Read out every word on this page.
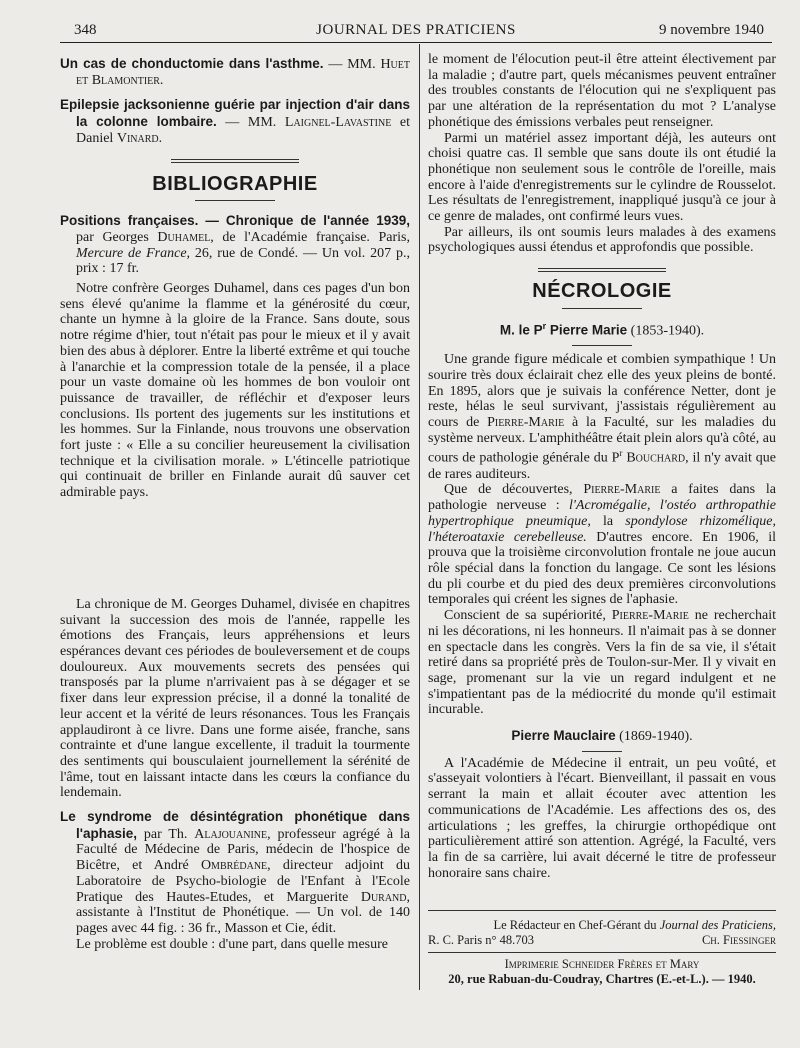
348	JOURNAL DES PRATICIENS	9 novembre 1940

Un cas de chonductomie dans l'asthme. — MM. Huet et Blamontier.

Epilepsie jacksonienne guérie par injection d'air dans la colonne lombaire. — MM. Laignel-Lavastine et Daniel Vinard.

BIBLIOGRAPHIE

Positions françaises. — Chronique de l'année 1939, par Georges Duhamel, de l'Académie française. Paris, Mercure de France, 26, rue de Condé. — Un vol. 207 p., prix : 17 fr.

Notre confrère Georges Duhamel, dans ces pages d'un bon sens élevé qu'anime la flamme et la générosité du cœur, chante un hymne à la gloire de la France. Sans doute, sous notre régime d'hier, tout n'était pas pour le mieux et il y avait bien des abus à déplorer. Entre la liberté extrême et qui touche à l'anarchie et la compression totale de la pensée, il a place pour un vaste domaine où les hommes de bon vouloir ont puissance de travailler, de réfléchir et d'exposer leurs conclusions. Ils portent des jugements sur les institutions et les hommes. Sur la Finlande, nous trouvons une observation fort juste : « Elle a su concilier heureusement la civilisation technique et la civilisation morale. » L'étincelle patriotique qui continuait de briller en Finlande aurait dû sauver cet admirable pays.

La chronique de M. Georges Duhamel, divisée en chapitres suivant la succession des mois de l'année, rappelle les émotions des Français, leurs appréhensions et leurs espérances devant ces périodes de bouleversement et de coups douloureux. Aux mouvements secrets des pensées qui transposés par la plume n'arrivaient pas à se dégager et se fixer dans leur expression précise, il a donné la tonalité de leur accent et la vérité de leurs résonances. Tous les Français applaudiront à ce livre. Dans une forme aisée, franche, sans contrainte et d'une langue excellente, il traduit la tourmente des sentiments qui bousculaient journellement la sérénité de l'âme, tout en laissant intacte dans les cœurs la confiance du lendemain.

Le syndrome de désintégration phonétique dans l'aphasie, par Th. Alajouanine, professeur agrégé à la Faculté de Médecine de Paris, médecin de l'hospice de Bicêtre, et André Ombrédane, directeur adjoint du Laboratoire de Psycho-biologie de l'Enfant à l'Ecole Pratique des Hautes-Etudes, et Marguerite Durand, assistante à l'Institut de Phonétique. — Un vol. de 140 pages avec 44 fig. : 36 fr., Masson et Cie, édit.

Le problème est double : d'une part, dans quelle mesure

le moment de l'élocution peut-il être atteint électivement par la maladie ; d'autre part, quels mécanismes peuvent entraîner des troubles constants de l'élocution qui ne s'expliquent pas par une altération de la représentation du mot ? L'analyse phonétique des émissions verbales peut renseigner.

Parmi un matériel assez important déjà, les auteurs ont choisi quatre cas. Il semble que sans doute ils ont étudié la phonétique non seulement sous le contrôle de l'oreille, mais encore à l'aide d'enregistrements sur le cylindre de Rousselot. Les résultats de l'enregistrement, inappliqué jusqu'à ce jour à ce genre de malades, ont confirmé leurs vues.

Par ailleurs, ils ont soumis leurs malades à des examens psychologiques aussi étendus et approfondis que possible.

NÉCROLOGIE
M. le $P^r$ Pierre Marie (1853-1940).

Une grande figure médicale et combien sympathique ! Un sourire très doux éclairait chez elle des yeux pleins de bonté. En 1895, alors que je suivais la conférence Netter, dont je reste, hélas le seul survivant, j'assistais régulièrement au cours de Pierre-Marie à la Faculté, sur les maladies du système nerveux. L'amphithéâtre était plein alors qu'à côté, au cours de pathologie générale du $P^r$ Bouchard, il n'y avait que de rares auditeurs.

Que de découvertes, Pierre-Marie a faites dans la pathologie nerveuse : l'Acromégalie, l'ostéo arthropathie hypertrophique pneumique, la spondylose rhizomélique, l'héteroataxie cerebelleuse. D'autres encore. En 1906, il prouva que la troisième circonvolution frontale ne joue aucun rôle spécial dans la fonction du langage. Ce sont les lésions du pli courbe et du pied des deux premières circonvolutions temporales qui créent les signes de l'aphasie.

Conscient de sa supériorité, Pierre-Marie ne recherchait ni les décorations, ni les honneurs. Il n'aimait pas à se donner en spectacle dans les congrès. Vers la fin de sa vie, il s'était retiré dans sa propriété près de Toulon-sur-Mer. Il y vivait en sage, promenant sur la vie un regard indulgent et ne s'impatientant pas de la médiocrité du monde qu'il estimait incurable.

Pierre Mauclaire (1869-1940).

A l'Académie de Médecine il entrait, un peu voûté, et s'asseyait volontiers à l'écart. Bienveillant, il passait en vous serrant la main et allait écouter avec attention les communications de l'Académie. Les affections des os, des articulations ; les greffes, la chirurgie orthopédique ont particulièrement attiré son attention. Agrégé, la Faculté, vers la fin de sa carrière, lui avait décerné le titre de professeur honoraire sans chaire.

Le Rédacteur en Chef-Gérant du Journal des Praticiens,
R. C. Paris n° 48.703	Ch. Fiessinger
Imprimerie Schneider Frères et Mary
20, rue Rabuan-du-Coudray, Chartres (E.-et-L.). — 1940.
